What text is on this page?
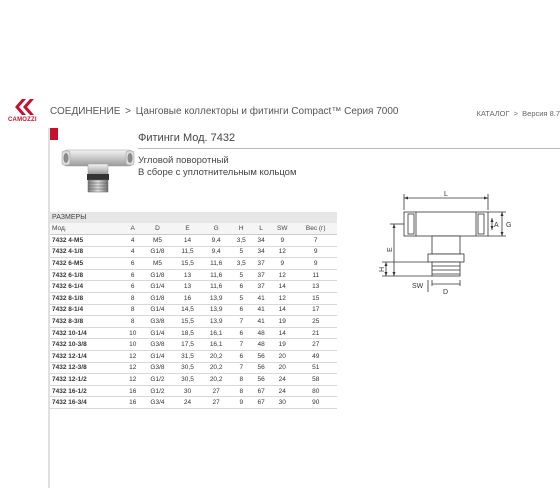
CAMOZZI
СОЕДИНЕНИЕ > Цанговые коллекторы и фитинги Compact™ Серия 7000	КАТАЛОГ > Версия 8.7
Фитинги Мод. 7432
Угловой поворотный
В сборе с уплотнительным кольцом
РАЗМЕРЫ								
Мод.	A	D	E	G	H	L	SW	Вес (г)
7432 4-M5	4	M5	14	9,4	3,5	34	9	7
7432 4-1/8	4	G1/8	11,5	9,4	5	34	12	9
7432 6-M5	6	M5	15,5	11,6	3,5	37	9	9
7432 6-1/8	6	G1/8	13	11,6	5	37	12	11
7432 6-1/4	6	G1/4	13	11,6	6	37	14	13
7432 8-1/8	8	G1/8	16	13,9	5	41	12	15
7432 8-1/4	8	G1/4	14,5	13,9	6	41	14	17
7432 8-3/8	8	G3/8	15,5	13,9	7	41	19	25
7432 10-1/4	10	G1/4	18,5	16,1	6	48	14	21
7432 10-3/8	10	G3/8	17,5	16,1	7	48	19	27
7432 12-1/4	12	G1/4	31,5	20,2	6	56	20	49
7432 12-3/8	12	G3/8	30,5	20,2	7	56	20	51
7432 12-1/2	12	G1/2	30,5	20,2	8	56	24	58
7432 16-1/2	16	G1/2	30	27	8	67	24	80
7432 16-3/4	16	G3/4	24	27	9	67	30	90
L
A G
E
H
SW
D
